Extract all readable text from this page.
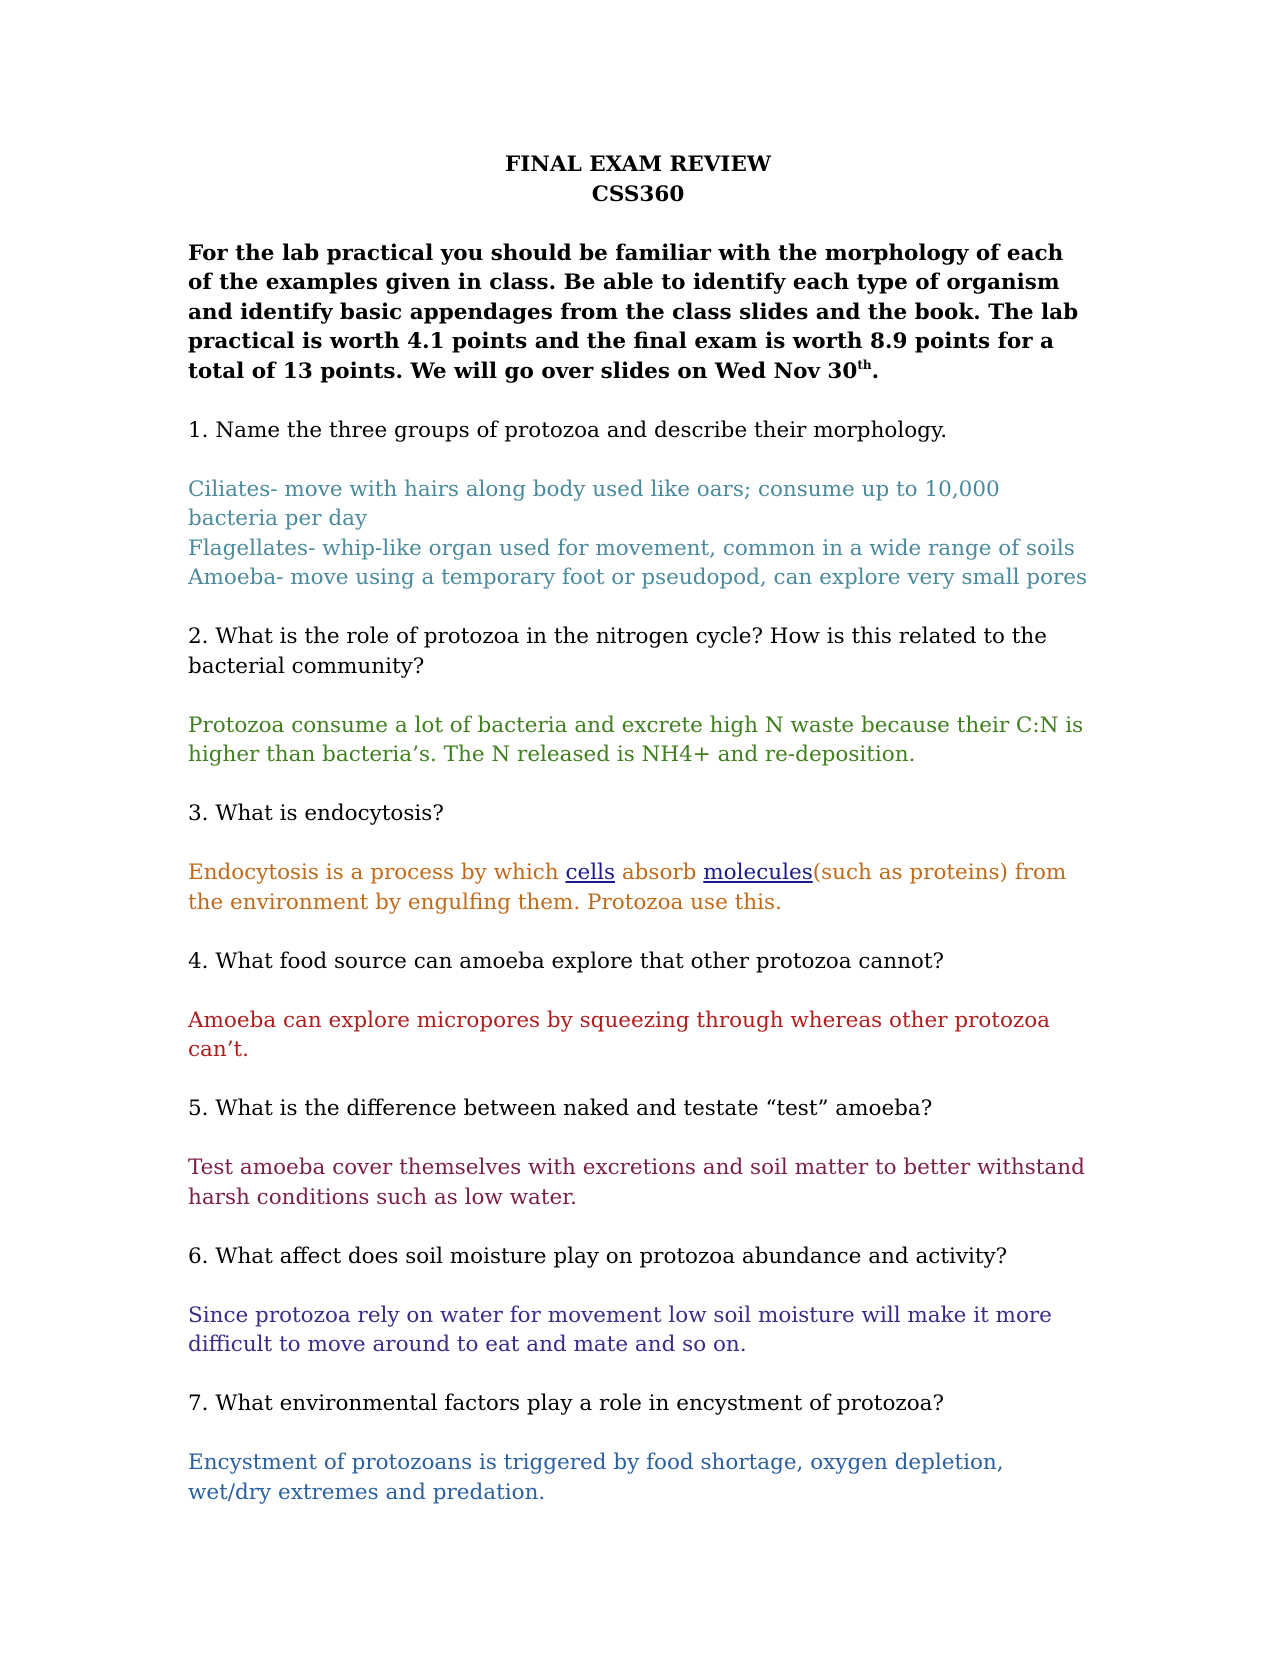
FINAL EXAM REVIEW
CSS360

For the lab practical you should be familiar with the morphology of each of the examples given in class. Be able to identify each type of organism and identify basic appendages from the class slides and the book. The lab practical is worth 4.1 points and the final exam is worth 8.9 points for a total of 13 points. We will go over slides on Wed Nov 30th.

1. Name the three groups of protozoa and describe their morphology.

Ciliates- move with hairs along body used like oars; consume up to 10,000 bacteria per day
Flagellates- whip-like organ used for movement, common in a wide range of soils
Amoeba- move using a temporary foot or pseudopod, can explore very small pores

2. What is the role of protozoa in the nitrogen cycle? How is this related to the bacterial community?

Protozoa consume a lot of bacteria and excrete high N waste because their C:N is higher than bacteria’s. The N released is NH4+ and re-deposition.

3. What is endocytosis?

Endocytosis is a process by which cells absorb molecules(such as proteins) from the environment by engulfing them. Protozoa use this.

4. What food source can amoeba explore that other protozoa cannot?

Amoeba can explore micropores by squeezing through whereas other protozoa can’t.

5. What is the difference between naked and testate “test” amoeba?

Test amoeba cover themselves with excretions and soil matter to better withstand harsh conditions such as low water.

6. What affect does soil moisture play on protozoa abundance and activity?

Since protozoa rely on water for movement low soil moisture will make it more difficult to move around to eat and mate and so on.

7. What environmental factors play a role in encystment of protozoa?

Encystment of protozoans is triggered by food shortage, oxygen depletion, wet/dry extremes and predation.
